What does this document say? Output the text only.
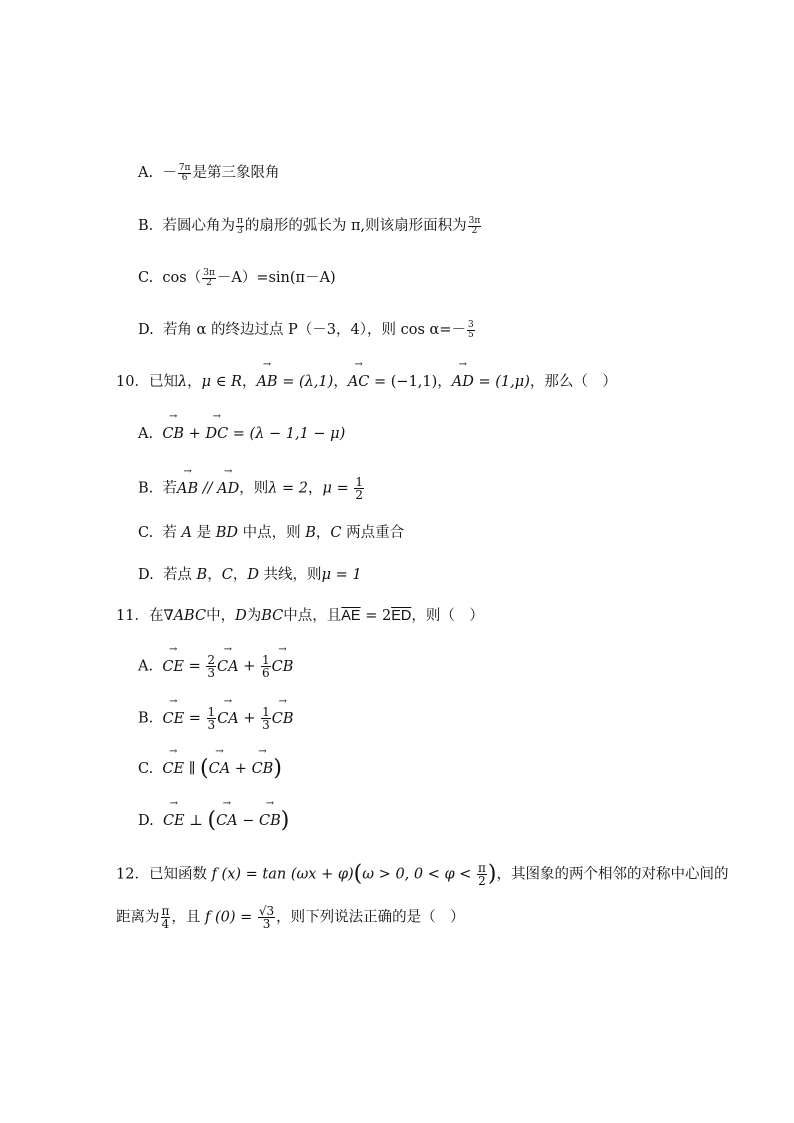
A. － $\frac{7\pi}{6}$ 是第三象限角
B. 若圆心角为 $\frac{\pi}{3}$ 的扇形的弧长为 π,则该扇形面积为 $\frac{3\pi}{2}$
C. $\cos( \frac{3\pi}{2} -A)=\sin(\pi-A)$
D. 若角 α 的终边过点 P（－3，4），则 $\cos \alpha=- \frac{3}{5}$
10．已知λ，μ ∈ R，→ AB = (λ,1)，→ AC = (−1,1)，→ AD = (1,μ)，那么（　）
A. → CB + → DC = (λ − 1,1 − μ)
B. 若→ AB // → AD，则λ = 2，$\mu = \frac{1}{2}$
C. 若 A 是 BD 中点，则 B，C 两点重合
D. 若点 B，C，D 共线，则μ = 1
11．在∇ABC中，D为BC中点，且$\overline{AE} = 2\overline{ED}$，则（　）
A. → CE = $\frac{2}{3}$ → CA + $\frac{1}{6}$ → CB
B. → CE = $\frac{1}{3}$ → CA + $\frac{1}{3}$ → CB
C. → CE ∥ (→ CA + → CB)
D. → CE ⊥ (→ CA − → CB)
12．已知函数 f (x) = tan (ωx + φ)(ω > 0, $0 < \varphi < \frac{\pi}{2}$ )，其图象的两个相邻的对称中心间的
距离为 $\frac{\pi}{4}$ ，且 f $(0) = \frac{√3}{3}$ ，则下列说法正确的是（　）
